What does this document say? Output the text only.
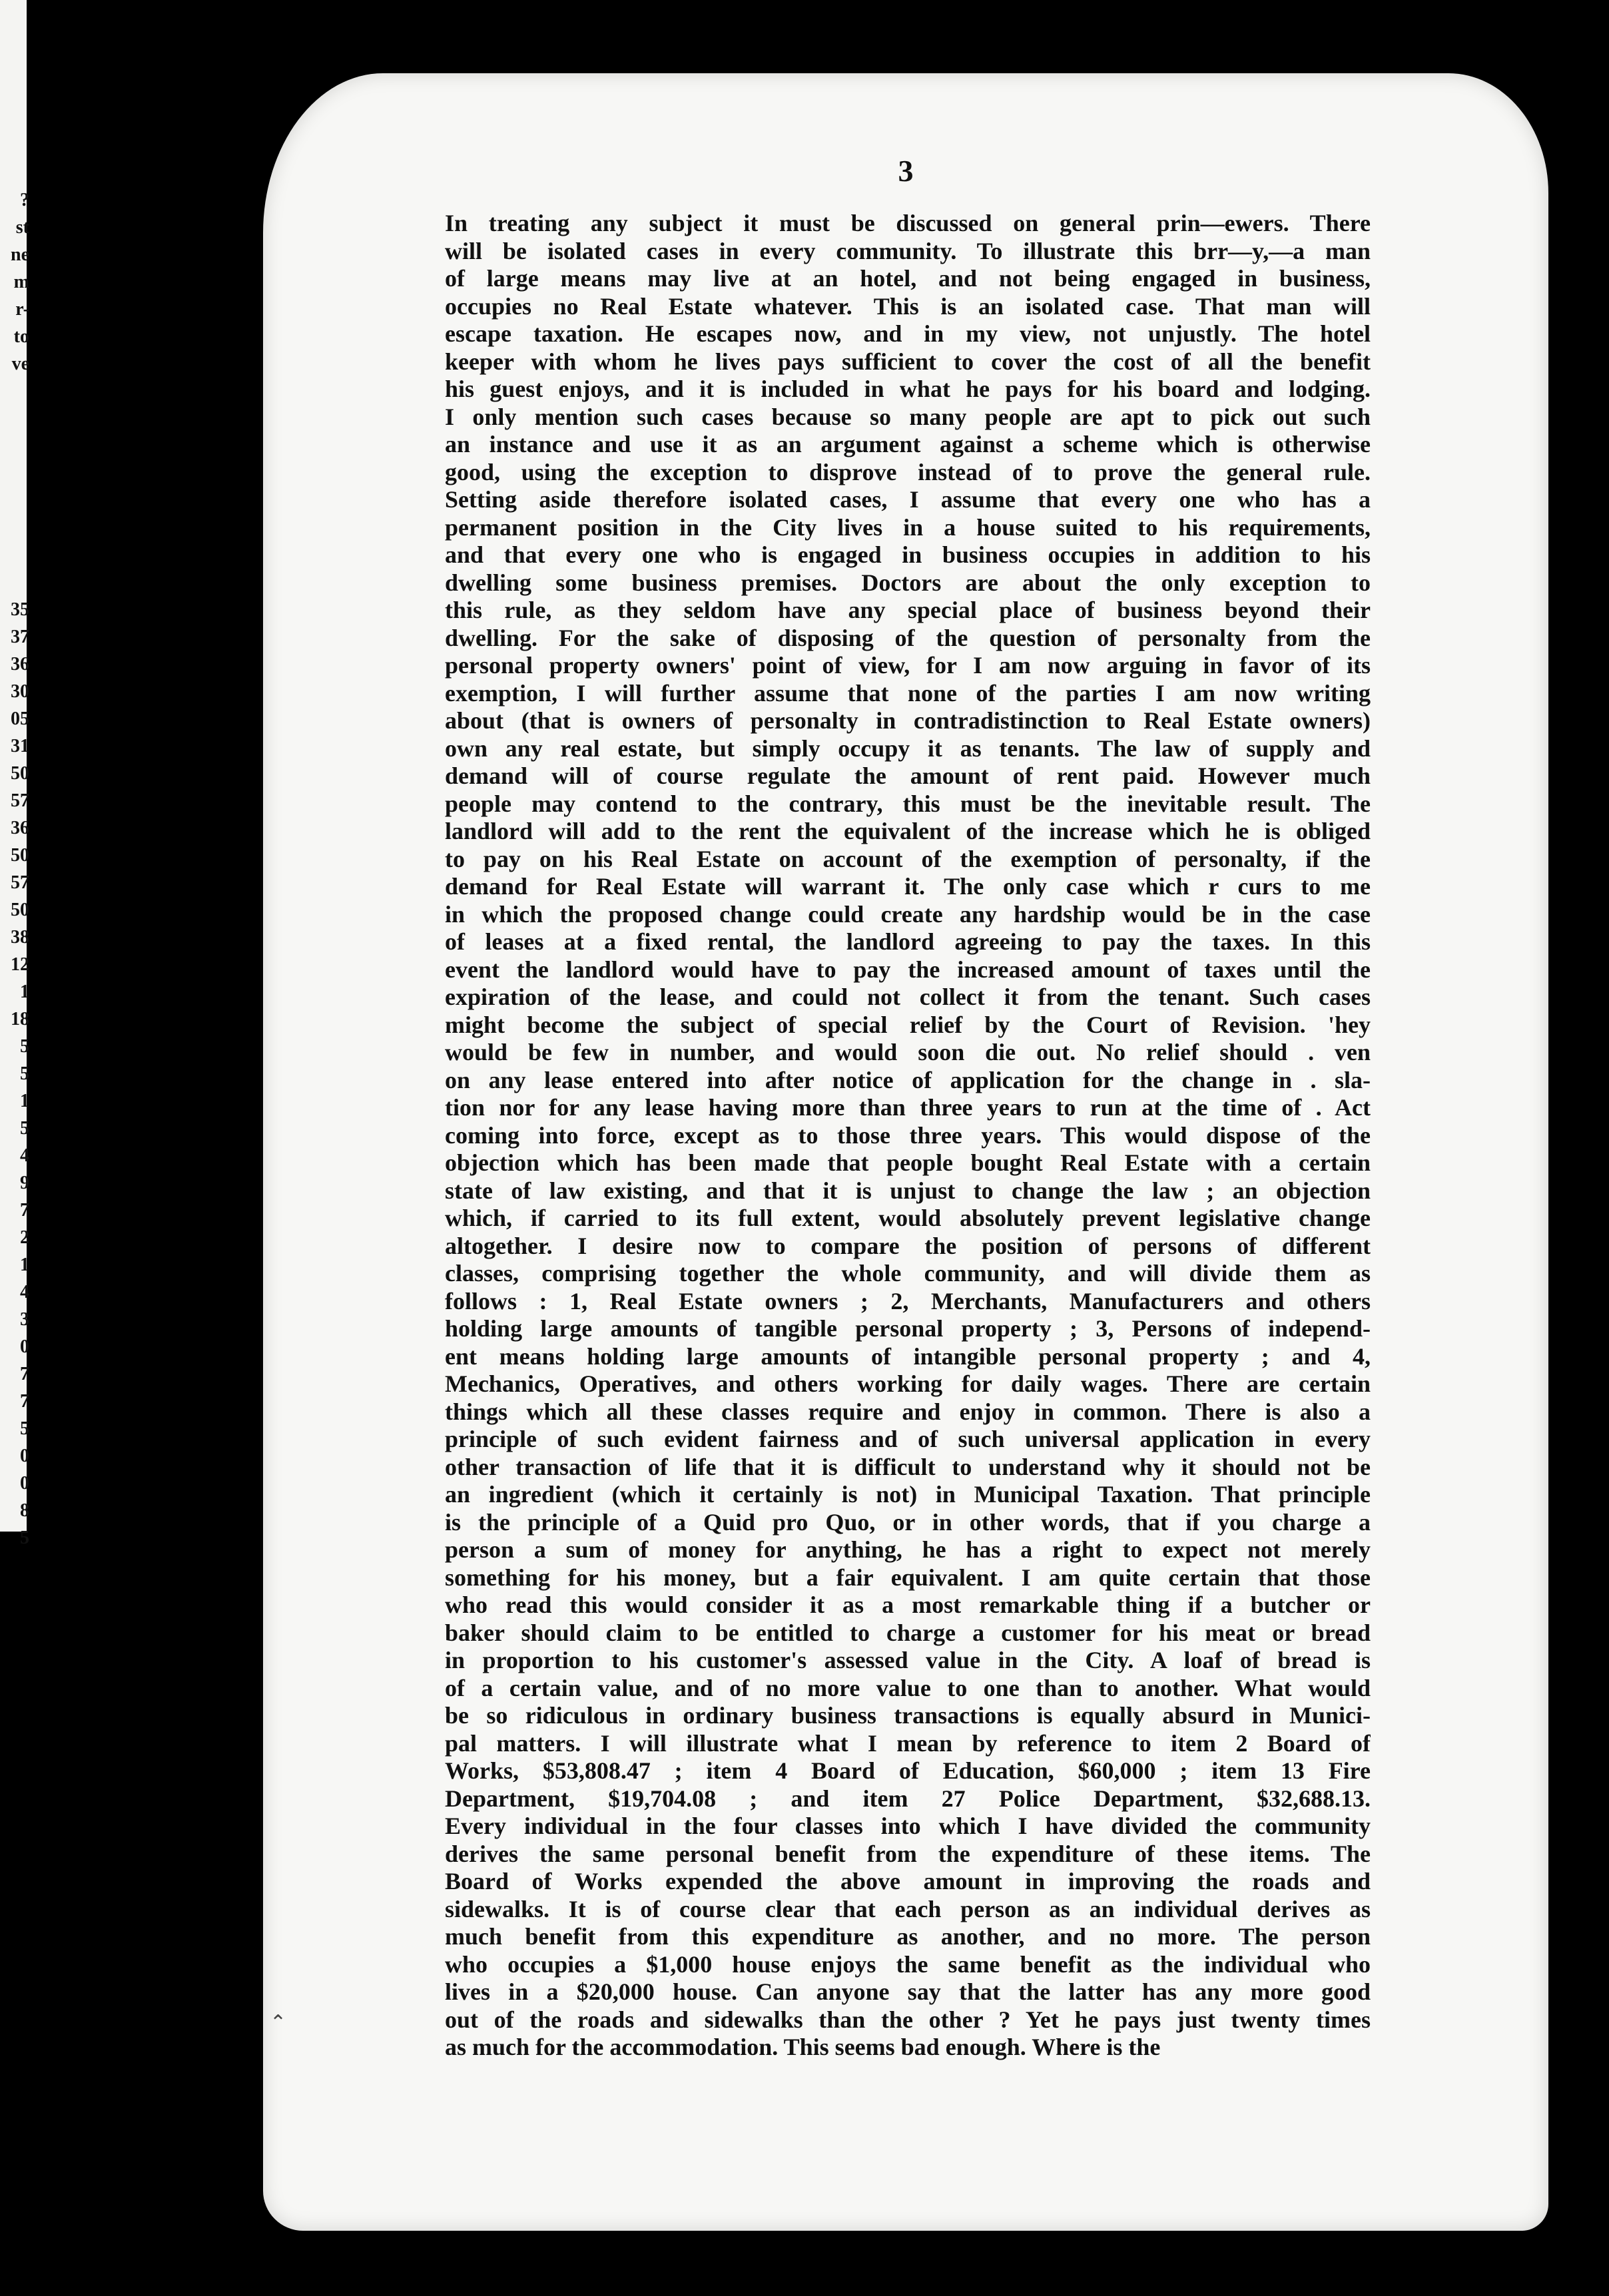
?
st
ne
m
r-
to
ve
35
37
36
30
05
31
50
57
36
50
57
50
38
12
1
18
5
5
1
5
4
9
7
2
1
4
3
0
7
7
5
0
0
8
5
3
In treating any subject it must be discussed on general prin—ewers. There
will be isolated cases in every community. To illustrate this brr—y,—a man
of large means may live at an hotel, and not being engaged in business,
occupies no Real Estate whatever. This is an isolated case. That man will
escape taxation. He escapes now, and in my view, not unjustly. The hotel
keeper with whom he lives pays sufficient to cover the cost of all the benefit
his guest enjoys, and it is included in what he pays for his board and lodging.
I only mention such cases because so many people are apt to pick out such
an instance and use it as an argument against a scheme which is otherwise
good, using the exception to disprove instead of to prove the general rule.
Setting aside therefore isolated cases, I assume that every one who has a
permanent position in the City lives in a house suited to his requirements,
and that every one who is engaged in business occupies in addition to his
dwelling some business premises. Doctors are about the only exception to
this rule, as they seldom have any special place of business beyond their
dwelling. For the sake of disposing of the question of personalty from the
personal property owners' point of view, for I am now arguing in favor of its
exemption, I will further assume that none of the parties I am now writing
about (that is owners of personalty in contradistinction to Real Estate owners)
own any real estate, but simply occupy it as tenants. The law of supply and
demand will of course regulate the amount of rent paid. However much
people may contend to the contrary, this must be the inevitable result. The
landlord will add to the rent the equivalent of the increase which he is obliged
to pay on his Real Estate on account of the exemption of personalty, if the
demand for Real Estate will warrant it. The only case which r curs to me
in which the proposed change could create any hardship would be in the case
of leases at a fixed rental, the landlord agreeing to pay the taxes. In this
event the landlord would have to pay the increased amount of taxes until the
expiration of the lease, and could not collect it from the tenant. Such cases
might become the subject of special relief by the Court of Revision. 'hey
would be few in number, and would soon die out. No relief should . ven
on any lease entered into after notice of application for the change in . sla-
tion nor for any lease having more than three years to run at the time of . Act
coming into force, except as to those three years. This would dispose of the
objection which has been made that people bought Real Estate with a certain
state of law existing, and that it is unjust to change the law ; an objection
which, if carried to its full extent, would absolutely prevent legislative change
altogether. I desire now to compare the position of persons of different
classes, comprising together the whole community, and will divide them as
follows : 1, Real Estate owners ; 2, Merchants, Manufacturers and others
holding large amounts of tangible personal property ; 3, Persons of independ-
ent means holding large amounts of intangible personal property ; and 4,
Mechanics, Operatives, and others working for daily wages. There are certain
things which all these classes require and enjoy in common. There is also a
principle of such evident fairness and of such universal application in every
other transaction of life that it is difficult to understand why it should not be
an ingredient (which it certainly is not) in Municipal Taxation. That principle
is the principle of a Quid pro Quo, or in other words, that if you charge a
person a sum of money for anything, he has a right to expect not merely
something for his money, but a fair equivalent. I am quite certain that those
who read this would consider it as a most remarkable thing if a butcher or
baker should claim to be entitled to charge a customer for his meat or bread
in proportion to his customer's assessed value in the City. A loaf of bread is
of a certain value, and of no more value to one than to another. What would
be so ridiculous in ordinary business transactions is equally absurd in Munici-
pal matters. I will illustrate what I mean by reference to item 2 Board of
Works, $53,808.47 ; item 4 Board of Education, $60,000 ; item 13 Fire
Department, $19,704.08 ; and item 27 Police Department, $32,688.13.
Every individual in the four classes into which I have divided the community
derives the same personal benefit from the expenditure of these items. The
Board of Works expended the above amount in improving the roads and
sidewalks. It is of course clear that each person as an individual derives as
much benefit from this expenditure as another, and no more. The person
who occupies a $1,000 house enjoys the same benefit as the individual who
lives in a $20,000 house. Can anyone say that the latter has any more good
out of the roads and sidewalks than the other ? Yet he pays just twenty times
as much for the accommodation. This seems bad enough. Where is the
⌃
